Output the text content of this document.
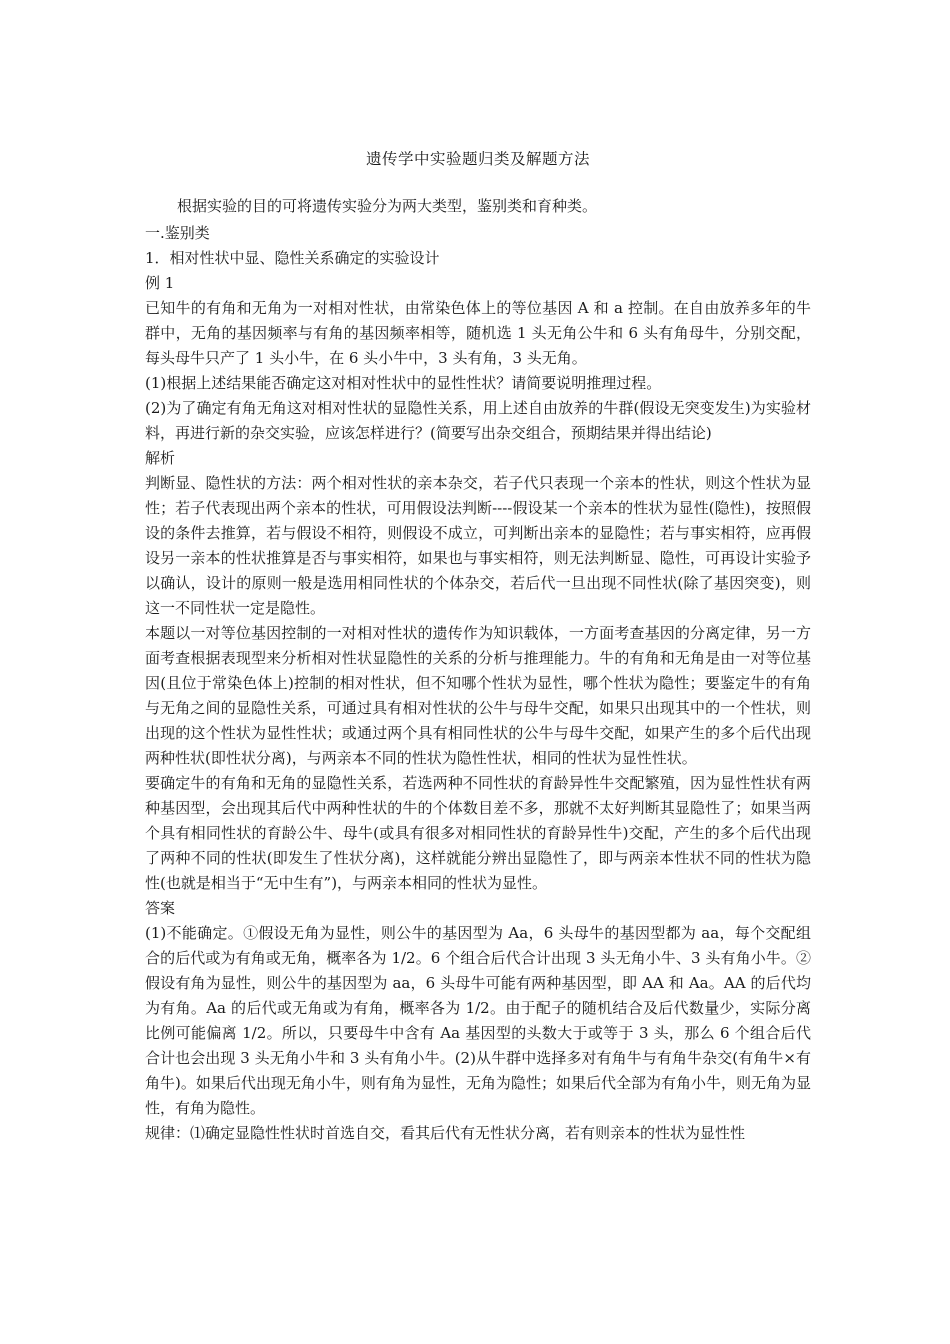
遗传学中实验题归类及解题方法

根据实验的目的可将遗传实验分为两大类型，鉴别类和育种类。

一.鉴别类

1．相对性状中显、隐性关系确定的实验设计

例 1

已知牛的有角和无角为一对相对性状，由常染色体上的等位基因 A 和 a 控制。在自由放养多年的牛群中，无角的基因频率与有角的基因频率相等，随机选 1 头无角公牛和 6 头有角母牛，分别交配，每头母牛只产了 1 头小牛，在 6 头小牛中，3 头有角，3 头无角。

(1)根据上述结果能否确定这对相对性状中的显性性状？请简要说明推理过程。

(2)为了确定有角无角这对相对性状的显隐性关系，用上述自由放养的牛群(假设无突变发生)为实验材料，再进行新的杂交实验，应该怎样进行？(简要写出杂交组合，预期结果并得出结论)

解析

判断显、隐性状的方法：两个相对性状的亲本杂交，若子代只表现一个亲本的性状，则这个性状为显性；若子代表现出两个亲本的性状，可用假设法判断----假设某一个亲本的性状为显性(隐性)，按照假设的条件去推算，若与假设不相符，则假设不成立，可判断出亲本的显隐性；若与事实相符，应再假设另一亲本的性状推算是否与事实相符，如果也与事实相符，则无法判断显、隐性，可再设计实验予以确认，设计的原则一般是选用相同性状的个体杂交，若后代一旦出现不同性状(除了基因突变)，则这一不同性状一定是隐性。

本题以一对等位基因控制的一对相对性状的遗传作为知识载体，一方面考查基因的分离定律，另一方面考查根据表现型来分析相对性状显隐性的关系的分析与推理能力。牛的有角和无角是由一对等位基因(且位于常染色体上)控制的相对性状，但不知哪个性状为显性，哪个性状为隐性；要鉴定牛的有角与无角之间的显隐性关系，可通过具有相对性状的公牛与母牛交配，如果只出现其中的一个性状，则出现的这个性状为显性性状；或通过两个具有相同性状的公牛与母牛交配，如果产生的多个后代出现两种性状(即性状分离)，与两亲本不同的性状为隐性性状，相同的性状为显性性状。

要确定牛的有角和无角的显隐性关系，若选两种不同性状的育龄异性牛交配繁殖，因为显性性状有两种基因型，会出现其后代中两种性状的牛的个体数目差不多，那就不太好判断其显隐性了；如果当两个具有相同性状的育龄公牛、母牛(或具有很多对相同性状的育龄异性牛)交配，产生的多个后代出现了两种不同的性状(即发生了性状分离)，这样就能分辨出显隐性了，即与两亲本性状不同的性状为隐性(也就是相当于“无中生有”)，与两亲本相同的性状为显性。

答案

(1)不能确定。①假设无角为显性，则公牛的基因型为 Aa，6 头母牛的基因型都为 aa，每个交配组合的后代或为有角或无角，概率各为 1/2。6 个组合后代合计出现 3 头无角小牛、3 头有角小牛。②假设有角为显性，则公牛的基因型为 aa，6 头母牛可能有两种基因型，即 AA 和 Aa。AA 的后代均为有角。Aa 的后代或无角或为有角，概率各为 1/2。由于配子的随机结合及后代数量少，实际分离比例可能偏离 1/2。所以，只要母牛中含有 Aa 基因型的头数大于或等于 3 头，那么 6 个组合后代合计也会出现 3 头无角小牛和 3 头有角小牛。(2)从牛群中选择多对有角牛与有角牛杂交(有角牛×有角牛)。如果后代出现无角小牛，则有角为显性，无角为隐性；如果后代全部为有角小牛，则无角为显性，有角为隐性。

规律：⑴确定显隐性性状时首选自交，看其后代有无性状分离，若有则亲本的性状为显性性
